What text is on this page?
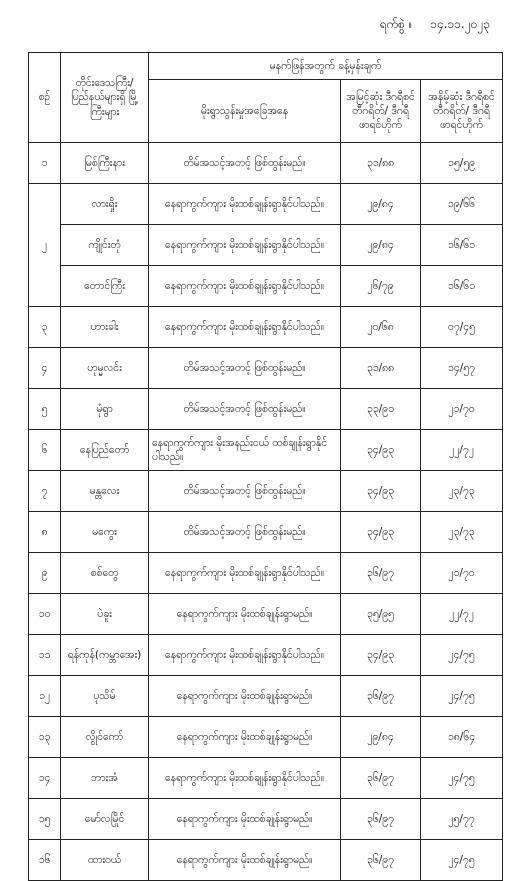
ရက်စွဲ ။ ၁၄.၁၁.၂၀၂၃
စဉ်	တိုင်းဒေသကြီး/ ပြည်နယ်များရှိ မြို့ကြီးများ	မနက်ဖြန်အတွက် ခန့်မှန်းချက်		
		မိုးရွာသွန်းမှုအခြေအနေ	အမြင့်ဆုံး ဒီဂရီစင်တီဂရိတ်/ ဒီဂရီဖာရင်ဟိုက်	အနိမ့်ဆုံး ဒီဂရီစင်တီဂရိတ်/ ဒီဂရီဖာရင်ဟိုက်
၁	မြစ်ကြီးနား	တိမ်အသင့်အတင့် ဖြစ်ထွန်းမည်။	၃၁/၈၈	၁၅/၅၉
၂	လားရှိုး	နေရာကွက်ကျား မိုးထစ်ချုန်းရွာနိုင်ပါသည်။	၂၉/၈၄	၁၉/၆၆
	ကျိုင်းတုံ	နေရာကွက်ကျား မိုးထစ်ချုန်းရွာနိုင်ပါသည်။	၂၉/၈၄	၁၆/၆၁
	တောင်ကြီး	နေရာကွက်ကျား မိုးထစ်ချုန်းရွာနိုင်ပါသည်။	၂၆/၇၉	၁၆/၆၁
၃	ဟားခါး	နေရာကွက်ကျား မိုးထစ်ချုန်းရွာနိုင်ပါသည်။	၂၀/၆၈	၀၇/၄၅
၄	ဟုမ္မလင်း	တိမ်အသင့်အတင့် ဖြစ်ထွန်းမည်။	၃၁/၈၈	၁၄/၅၇
၅	မုံရွာ	တိမ်အသင့်အတင့် ဖြစ်ထွန်းမည်။	၃၃/၉၁	၂၁/၇၀
၆	နေပြည်တော်	နေရာကွက်ကျား မိုးအနည်းငယ် ထစ်ချုန်းရွာနိုင်ပါသည်။	၃၄/၉၃	၂၂/၇၂
၇	မန္တလေး	တိမ်အသင့်အတင့် ဖြစ်ထွန်းမည်။	၃၄/၉၃	၂၃/၇၃
၈	မကွေး	တိမ်အသင့်အတင့် ဖြစ်ထွန်းမည်။	၃၄/၉၃	၂၃/၇၃
၉	စစ်တွေ	နေရာကွက်ကျား မိုးထစ်ချုန်းရွာနိုင်ပါသည်။	၃၆/၉၇	၂၁/၇၀
၁၀	ပဲခူး	နေရာကွက်ကျား မိုးထစ်ချုန်းရွာမည်။	၃၅/၉၅	၂၂/၇၂
၁၁	ရန်ကုန်(ကမ္ဘာအေး)	နေရာကွက်ကျား မိုးထစ်ချုန်းရွာနိုင်ပါသည်။	၃၄/၉၃	၂၄/၇၅
၁၂	ပုသိမ်	နေရာကွက်ကျား မိုးထစ်ချုန်းရွာမည်။	၃၆/၉၇	၂၄/၇၅
၁၃	လွိုင်ကော်	နေရာကွက်ကျား မိုးထစ်ချုန်းရွာမည်။	၂၉/၈၄	၁၈/၆၄
၁၄	ဘားအံ	နေရာကွက်ကျား မိုးထစ်ချုန်းရွာနိုင်ပါသည်။	၃၆/၉၇	၂၄/၇၅
၁၅	မော်လမြိုင်	နေရာကွက်ကျား မိုးထစ်ချုန်းရွာမည်။	၃၆/၉၇	၂၅/၇၇
၁၆	ထားဝယ်	နေရာကွက်ကျား မိုးထစ်ချုန်းရွာမည်။	၃၆/၉၇	၂၄/၇၅
